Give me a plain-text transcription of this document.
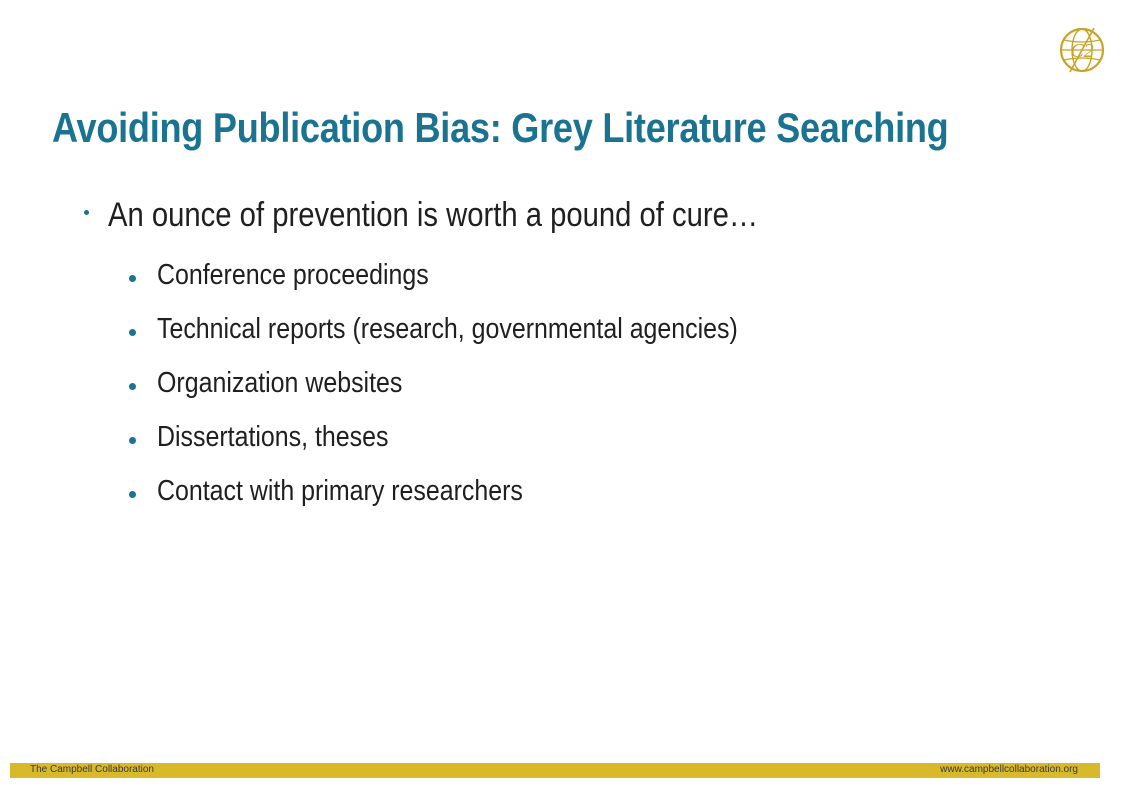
C2
Avoiding Publication Bias: Grey Literature Searching
An ounce of prevention is worth a pound of cure…
Conference proceedings
Technical reports (research, governmental agencies)
Organization websites
Dissertations, theses
Contact with primary researchers
The Campbell Collaboration	www.campbellcollaboration.org
